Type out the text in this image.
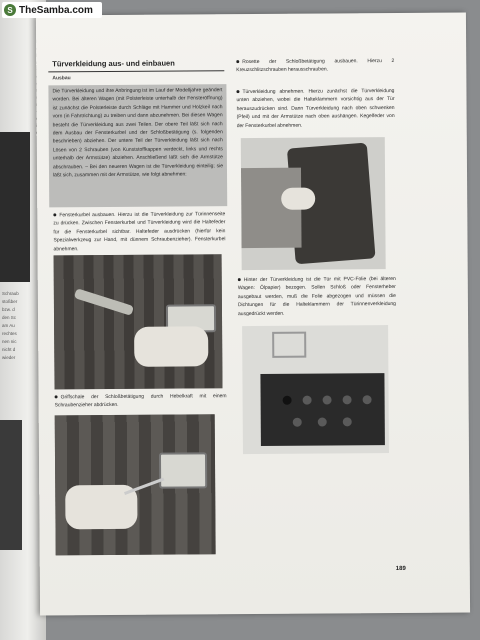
Schraub
stoßber
bzw. d
den Sc
am Au
rechtes
nen nic
nicht d
wieder
Türverkleidung aus- und einbauen
Ausbau
Die Türverkleidung und ihre Anbringung ist im Lauf der Modelljahre geändert worden. Bei älteren Wagen (mit Polsterleiste unterhalb der Fensteröffnung) ist zunächst die Polsterleiste durch Schläge mit Hammer und Holzkeil nach vorn (in Fahrtrichtung) zu treiben und dann abzunehmen. Bei diesen Wagen besteht die Türverkleidung aus zwei Teilen. Der obere Teil läßt sich nach dem Ausbau der Fensterkurbel und der Schloßbetätigung (s. folgenden beschrieben) abziehen. Der untere Teil der Türverkleidung läßt sich nach Lösen von 2 Schrauben (von Kunststoffkappen verdeckt, links und rechts unterhalb der Armstütze) abziehen. Anschließend läßt sich die Armstütze abschrauben. – Bei den neueren Wagen ist die Türverkleidung einteilig; sie läßt sich, zusammen mit der Armstütze, wie folgt abnehmen:
Fensterkurbel ausbauen. Hierzu ist die Türverkleidung zur Türinnenseite zu drücken. Zwischen Fensterkurbel und Türverkleidung wird die Haltefeder für die Fensterkurbel sichtbar. Haltefeder ausdrücken (hierfür kein Spezialwerkzeug zur Hand, mit dünnem Schraubenzieher). Fensterkurbel abnehmen.
Griffschale der Schloßbetätigung durch Hebelkraft mit einem Schraubenzieher abdrücken.
Rosette der Schloßbetätigung ausbauen. Hierzu 2 Kreuzschlitzschrauben herausschrauben.
Türverkleidung abnehmen. Hierzu zunächst die Türverkleidung unten abziehen, wobei die Halteklammern vorsichtig aus der Tür herauszudrücken sind. Dann Türverkleidung nach oben schwenken (Pfeil) und mit der Armstütze nach oben aushängen. Kegelfeder von der Fensterkurbel abnehmen.
Hinter der Türverkleidung ist die Tür mit PVC-Folie (bei älteren Wagen: Ölpapier) bezogen. Sollen Schloß oder Fensterheber ausgebaut werden, muß die Folie abgezogen und müssen die Dichtungen für die Halteklammern der Türinnenverkleidung ausgedrückt werden.
189
S TheSamba.com
